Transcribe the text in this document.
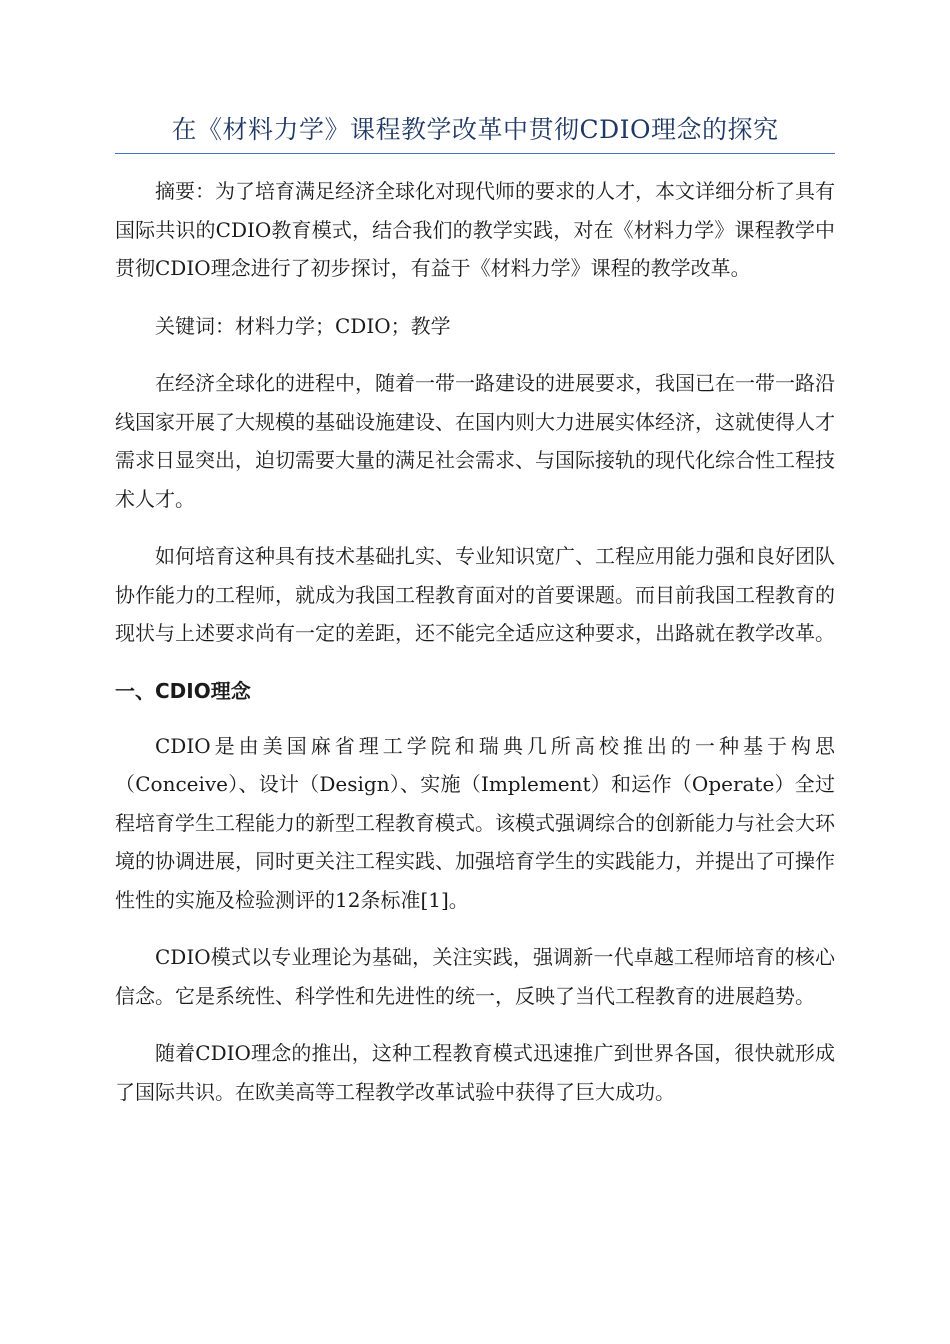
在《材料力学》课程教学改革中贯彻CDIO理念的探究

摘要：为了培育满足经济全球化对现代师的要求的人才，本文详细分析了具有国际共识的CDIO教育模式，结合我们的教学实践，对在《材料力学》课程教学中贯彻CDIO理念进行了初步探讨，有益于《材料力学》课程的教学改革。

关键词：材料力学；CDIO；教学

在经济全球化的进程中，随着一带一路建设的进展要求，我国已在一带一路沿线国家开展了大规模的基础设施建设、在国内则大力进展实体经济，这就使得人才需求日显突出，迫切需要大量的满足社会需求、与国际接轨的现代化综合性工程技术人才。

如何培育这种具有技术基础扎实、专业知识宽广、工程应用能力强和良好团队协作能力的工程师，就成为我国工程教育面对的首要课题。而目前我国工程教育的现状与上述要求尚有一定的差距，还不能完全适应这种要求，出路就在教学改革。

一、CDIO理念

CDIO是由美国麻省理工学院和瑞典几所高校推出的一种基于构思（Conceive）、设计（Design）、实施（Implement）和运作（Operate）全过程培育学生工程能力的新型工程教育模式。该模式强调综合的创新能力与社会大环境的协调进展，同时更关注工程实践、加强培育学生的实践能力，并提出了可操作性性的实施及检验测评的12条标准[1]。

CDIO模式以专业理论为基础，关注实践，强调新一代卓越工程师培育的核心信念。它是系统性、科学性和先进性的统一，反映了当代工程教育的进展趋势。

随着CDIO理念的推出，这种工程教育模式迅速推广到世界各国，很快就形成了国际共识。在欧美高等工程教学改革试验中获得了巨大成功。
